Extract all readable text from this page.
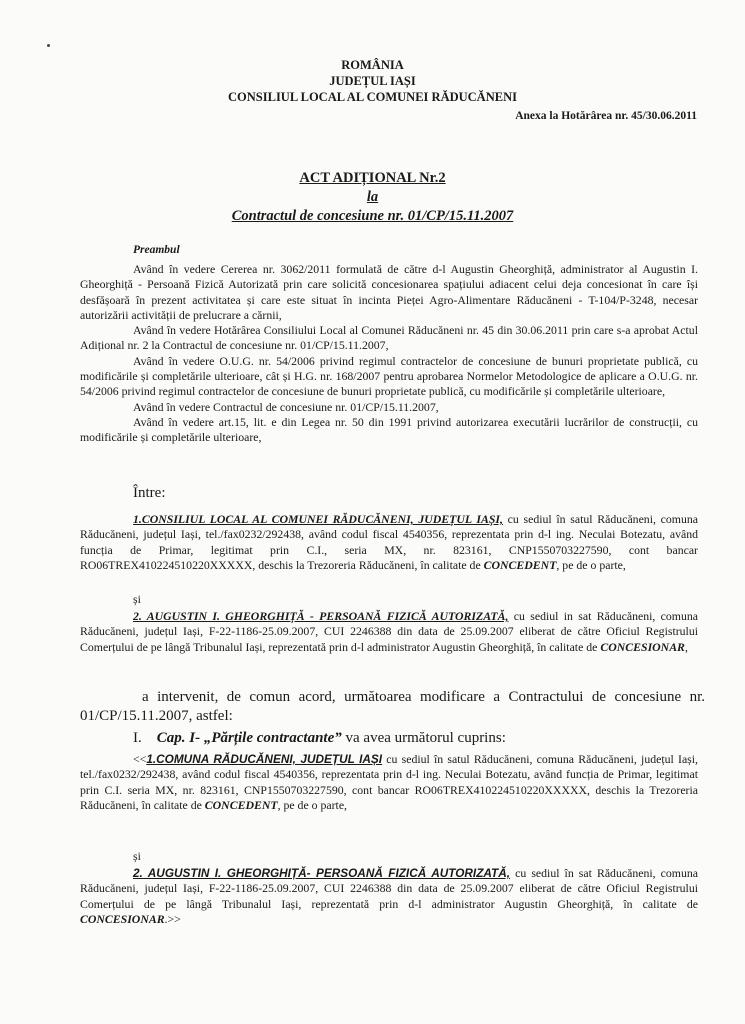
ROMÂNIA
JUDEȚUL IAȘI
CONSILIUL LOCAL AL COMUNEI RĂDUCĂNENI
Anexa la Hotărârea nr. 45/30.06.2011
ACT ADIȚIONAL Nr.2
la
Contractul de concesiune nr. 01/CP/15.11.2007
Preambul
Având în vedere Cererea nr. 3062/2011 formulată de către d-l Augustin Gheorghiță, administrator al Augustin I. Gheorghiță - Persoană Fizică Autorizată prin care solicită concesionarea spațiului adiacent celui deja concesionat în care își desfășoară în prezent activitatea și care este situat în incinta Pieței Agro-Alimentare Răducăneni - T-104/P-3248, necesar autorizării activității de prelucrare a cărnii,
Având în vedere Hotărârea Consiliului Local al Comunei Răducăneni nr. 45 din 30.06.2011 prin care s-a aprobat Actul Adițional nr. 2 la Contractul de concesiune nr. 01/CP/15.11.2007,
Având în vedere O.U.G. nr. 54/2006 privind regimul contractelor de concesiune de bunuri proprietate publică, cu modificările și completările ulterioare, cât și H.G. nr. 168/2007 pentru aprobarea Normelor Metodologice de aplicare a O.U.G. nr. 54/2006 privind regimul contractelor de concesiune de bunuri proprietate publică, cu modificările și completările ulterioare,
Având în vedere Contractul de concesiune nr. 01/CP/15.11.2007,
Având în vedere art.15, lit. e din Legea nr. 50 din 1991 privind autorizarea executării lucrărilor de construcții, cu modificările și completările ulterioare,
Între:
1.CONSILIUL LOCAL AL COMUNEI RĂDUCĂNENI, JUDEȚUL IAȘI, cu sediul în satul Răducăneni, comuna Răducăneni, județul Iași, tel./fax0232/292438, având codul fiscal 4540356, reprezentata prin d-l ing. Neculai Botezatu, având funcția de Primar, legitimat prin C.I., seria MX, nr. 823161, CNP1550703227590, cont bancar RO06TREX410224510220XXXXX, deschis la Trezoreria Răducăneni, în calitate de CONCEDENT, pe de o parte,
și
2. AUGUSTIN I. GHEORGHIȚĂ - PERSOANĂ FIZICĂ AUTORIZATĂ, cu sediul in sat Răducăneni, comuna Răducăneni, județul Iași, F-22-1186-25.09.2007, CUI 2246388 din data de 25.09.2007 eliberat de către Oficiul Registrului Comerțului de pe lângă Tribunalul Iași, reprezentată prin d-l administrator Augustin Gheorghiță, în calitate de CONCESIONAR,
a intervenit, de comun acord, următoarea modificare a Contractului de concesiune nr. 01/CP/15.11.2007, astfel:
I. Cap. I- „Părțile contractante” va avea următorul cuprins:
<<1.COMUNA RĂDUCĂNENI, JUDEȚUL IAȘI cu sediul în satul Răducăneni, comuna Răducăneni, județul Iași, tel./fax0232/292438, având codul fiscal 4540356, reprezentata prin d-l ing. Neculai Botezatu, având funcția de Primar, legitimat prin C.I. seria MX, nr. 823161, CNP1550703227590, cont bancar RO06TREX410224510220XXXXX, deschis la Trezoreria Răducăneni, în calitate de CONCEDENT, pe de o parte,
și
2. AUGUSTIN I. GHEORGHIȚĂ- PERSOANĂ FIZICĂ AUTORIZATĂ, cu sediul în sat Răducăneni, comuna Răducăneni, județul Iași, F-22-1186-25.09.2007, CUI 2246388 din data de 25.09.2007 eliberat de către Oficiul Registrului Comerțului de pe lângă Tribunalul Iași, reprezentată prin d-l administrator Augustin Gheorghiță, în calitate de CONCESIONAR.>>
